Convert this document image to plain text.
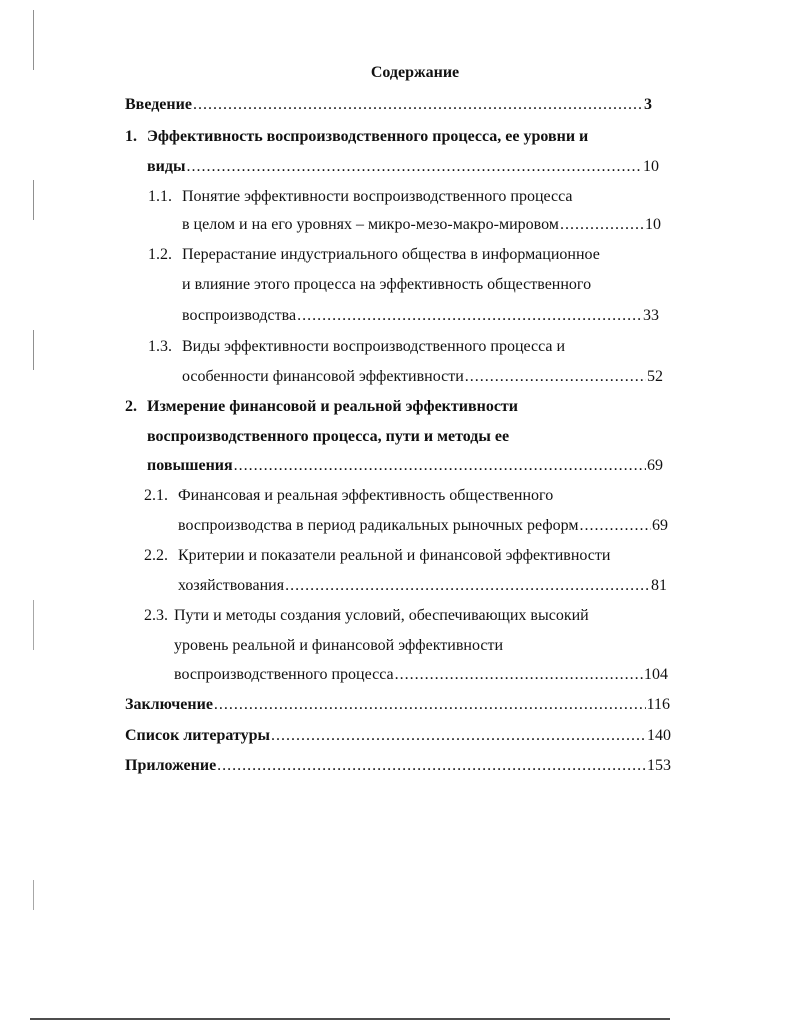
Содержание
Введение .....	3
1. Эффективность воспроизводственного процесса, ее уровни и
виды .....	10
1.1. Понятие эффективности воспроизводственного процесса
в целом и на его уровнях – микро-мезо-макро-мировом .....	10
1.2. Перерастание индустриального общества в информационное
и влияние этого процесса на эффективность общественного
воспроизводства .....	33
1.3. Виды эффективности воспроизводственного процесса и
особенности финансовой эффективности .....	52
2. Измерение финансовой и реальной эффективности
воспроизводственного процесса, пути и методы ее
повышения .....	69
2.1. Финансовая и реальная эффективность общественного
воспроизводства в период радикальных рыночных реформ .....	69
2.2. Критерии и показатели реальной и финансовой эффективности
хозяйствования .....	81
2.3. Пути и методы создания условий, обеспечивающих высокий
уровень реальной и финансовой эффективности
воспроизводственного процесса .....	104
Заключение .....	116
Список литературы .....	140
Приложение .....	153
